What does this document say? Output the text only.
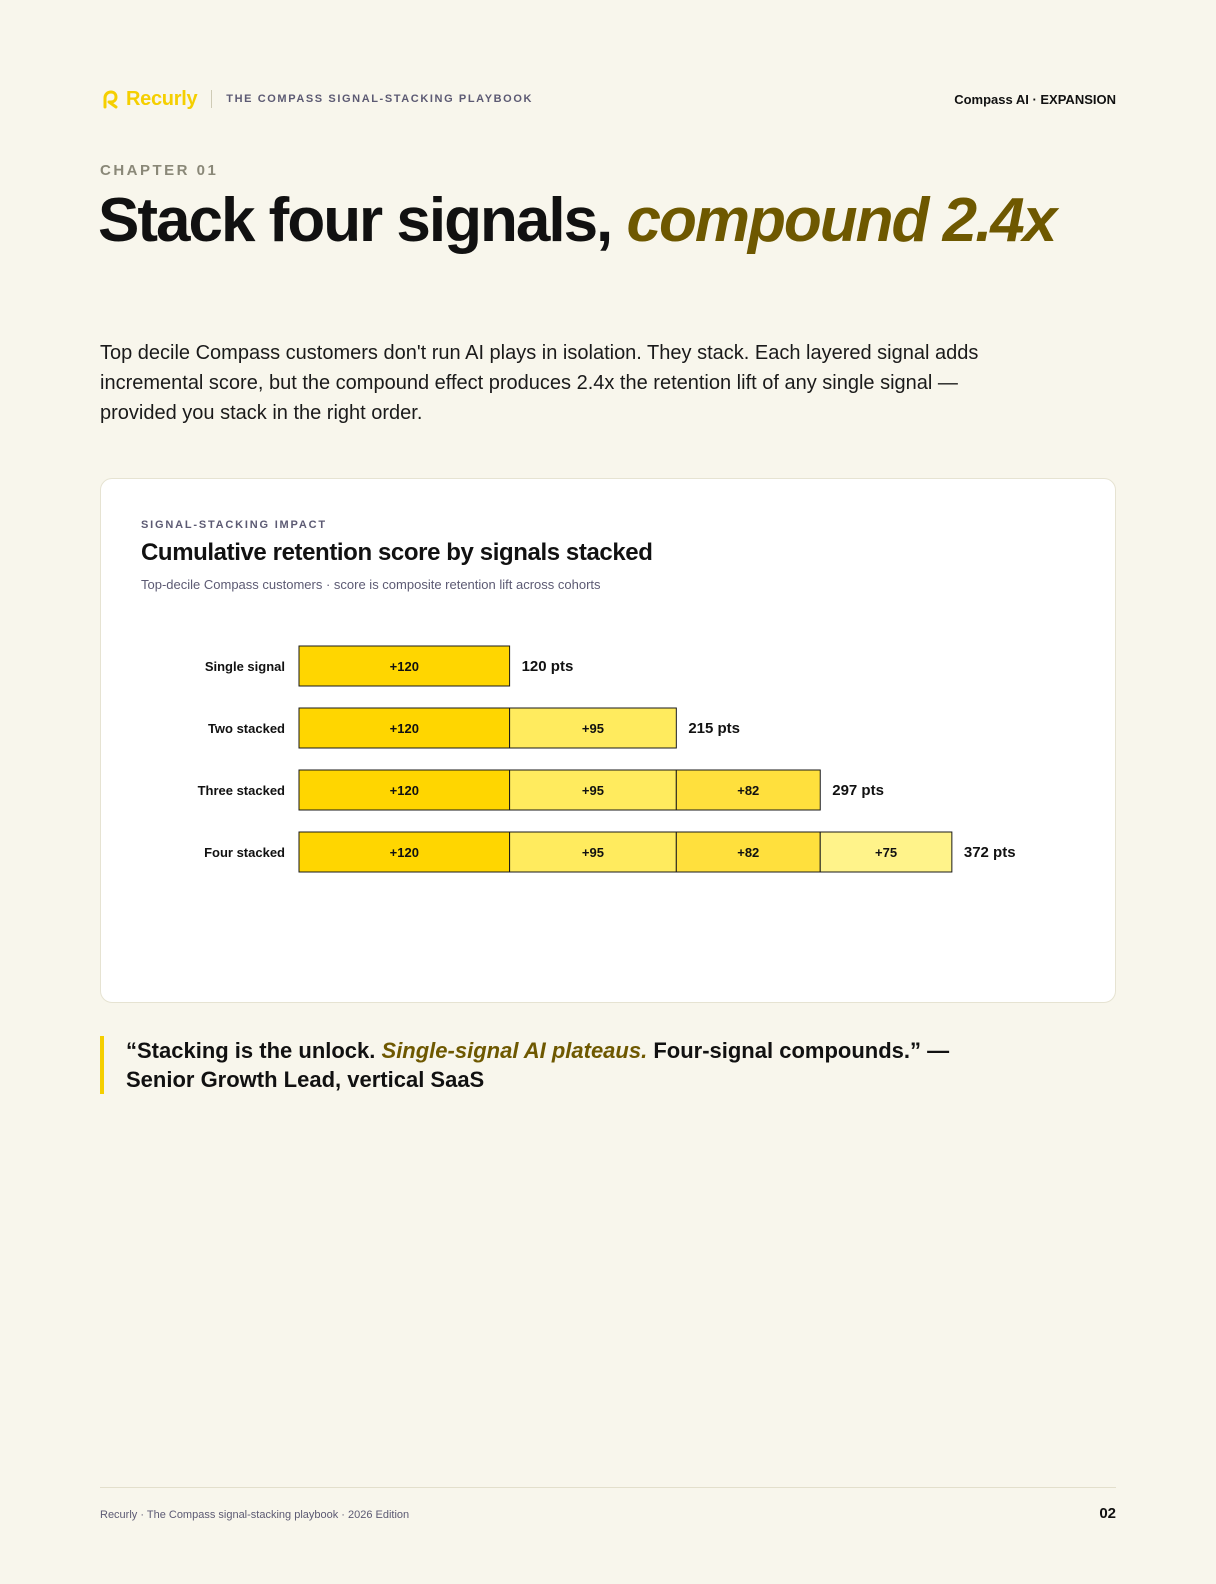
Recurly	THE COMPASS SIGNAL-STACKING PLAYBOOK	Compass AI · EXPANSION
CHAPTER 01
Stack four signals, compound 2.4x

Top decile Compass customers don't run AI plays in isolation. They stack. Each layered signal adds incremental score, but the compound effect produces 2.4x the retention lift of any single signal — provided you stack in the right order.

SIGNAL-STACKING IMPACT
Cumulative retention score by signals stacked
Top-decile Compass customers · score is composite retention lift across cohorts
Single signal	+120	120 pts
Two stacked	+120	+95	215 pts
Three stacked	+120	+95	+82	297 pts
Four stacked	+120	+95	+82	+75	372 pts
“Stacking is the unlock. Single-signal AI plateaus. Four-signal compounds.” — Senior Growth Lead, vertical SaaS
Recurly · The Compass signal-stacking playbook · 2026 Edition	02
